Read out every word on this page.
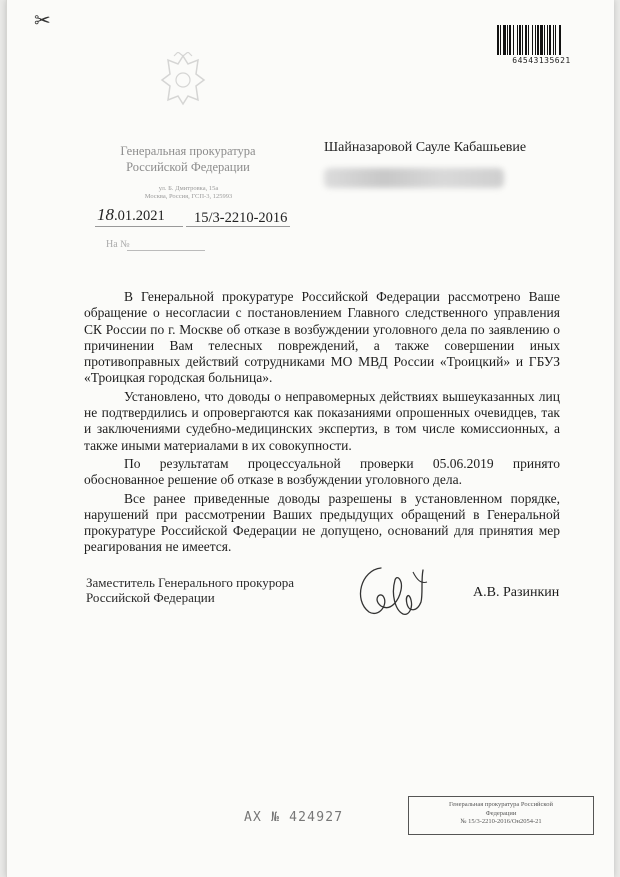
✂
64543135621
Генеральная прокуратура
Российской Федерации
ул. Б. Дмитровка, 15а
Москва, Россия, ГСП-3, 125993
Шайназаровой Сауле Кабашьевие
18.01.2021 15/3-2210-2016
На №

В Генеральной прокуратуре Российской Федерации рассмотрено Ваше обращение о несогласии с постановлением Главного следственного управления СК России по г. Москве об отказе в возбуждении уголовного дела по заявлению о причинении Вам телесных повреждений, а также совершении иных противоправных действий сотрудниками МО МВД России «Троицкий» и ГБУЗ «Троицкая городская больница».

Установлено, что доводы о неправомерных действиях вышеуказанных лиц не подтвердились и опровергаются как показаниями опрошенных очевидцев, так и заключениями судебно-медицинских экспертиз, в том числе комиссионных, а также иными материалами в их совокупности.

По результатам процессуальной проверки 05.06.2019 принято обоснованное решение об отказе в возбуждении уголовного дела.

Все ранее приведенные доводы разрешены в установленном порядке, нарушений при рассмотрении Ваших предыдущих обращений в Генеральной прокуратуре Российской Федерации не допущено, оснований для принятия мер реагирования не имеется.

Заместитель Генерального прокурора
Российской Федерации	А.В. Разинкин
АХ № 424927
Генеральная прокуратура Российской
Федерации
№ 15/3-2210-2016/Он2054-21
